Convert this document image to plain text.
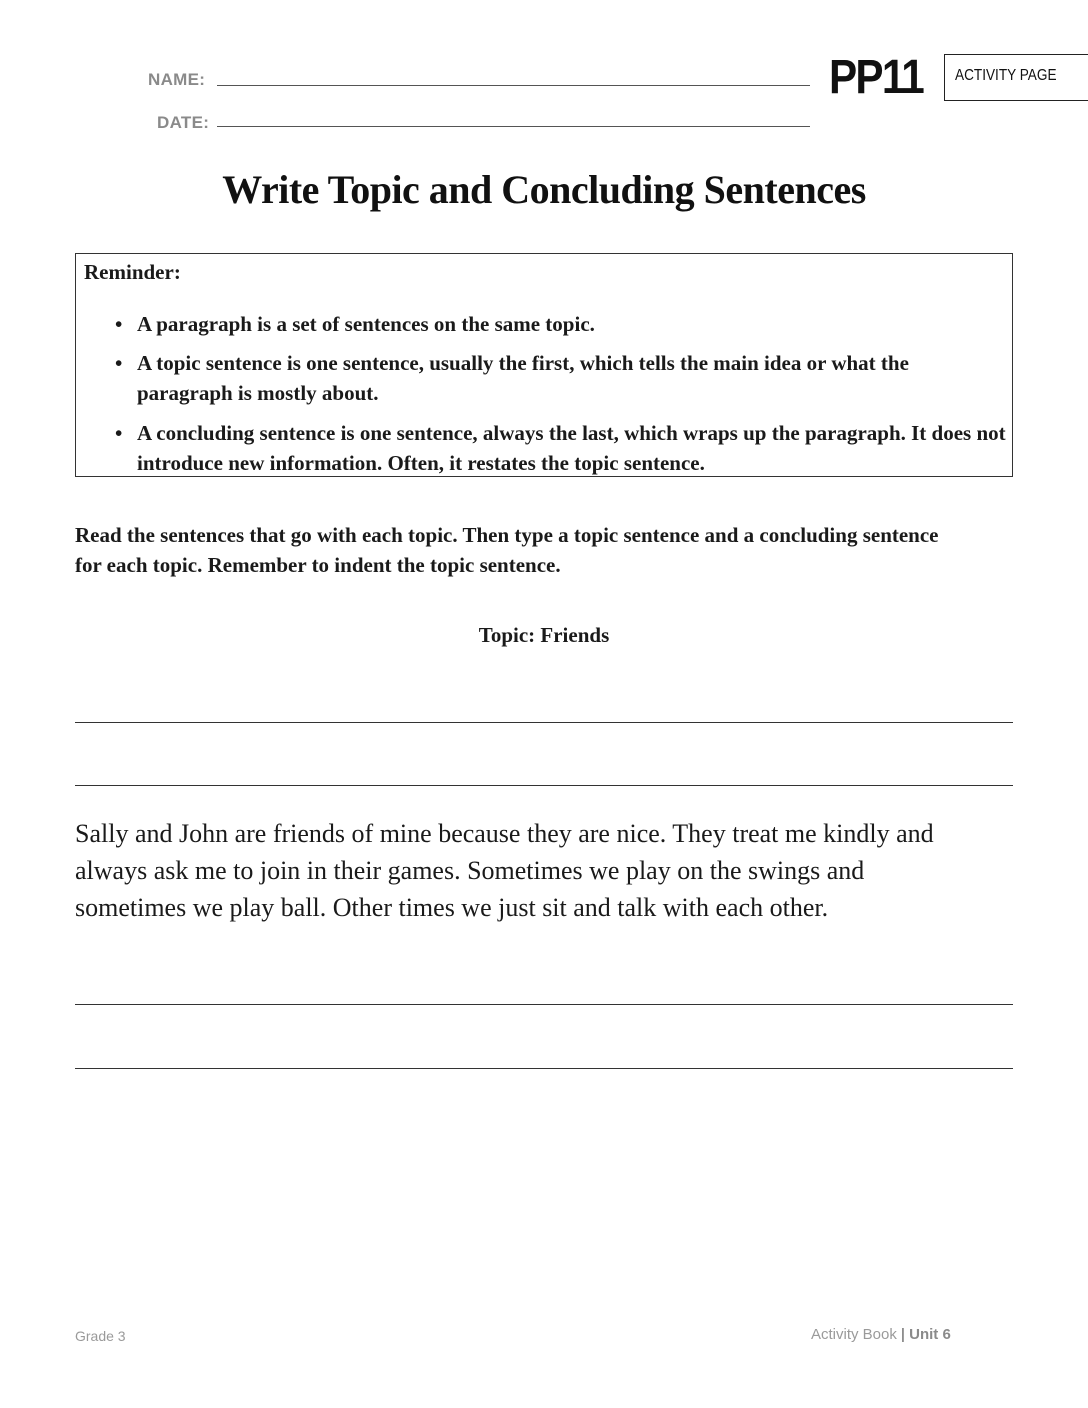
NAME:
DATE:
PP11	ACTIVITY PAGE
Write Topic and Concluding Sentences
Reminder:
• A paragraph is a set of sentences on the same topic.
• A topic sentence is one sentence, usually the first, which tells the main idea or what the paragraph is mostly about.
• A concluding sentence is one sentence, always the last, which wraps up the paragraph. It does not introduce new information. Often, it restates the topic sentence.
Read the sentences that go with each topic. Then type a topic sentence and a concluding sentence for each topic. Remember to indent the topic sentence.
Topic: Friends
Sally and John are friends of mine because they are nice. They treat me kindly and always ask me to join in their games. Sometimes we play on the swings and sometimes we play ball. Other times we just sit and talk with each other.
Grade 3	Activity Book | Unit 6
